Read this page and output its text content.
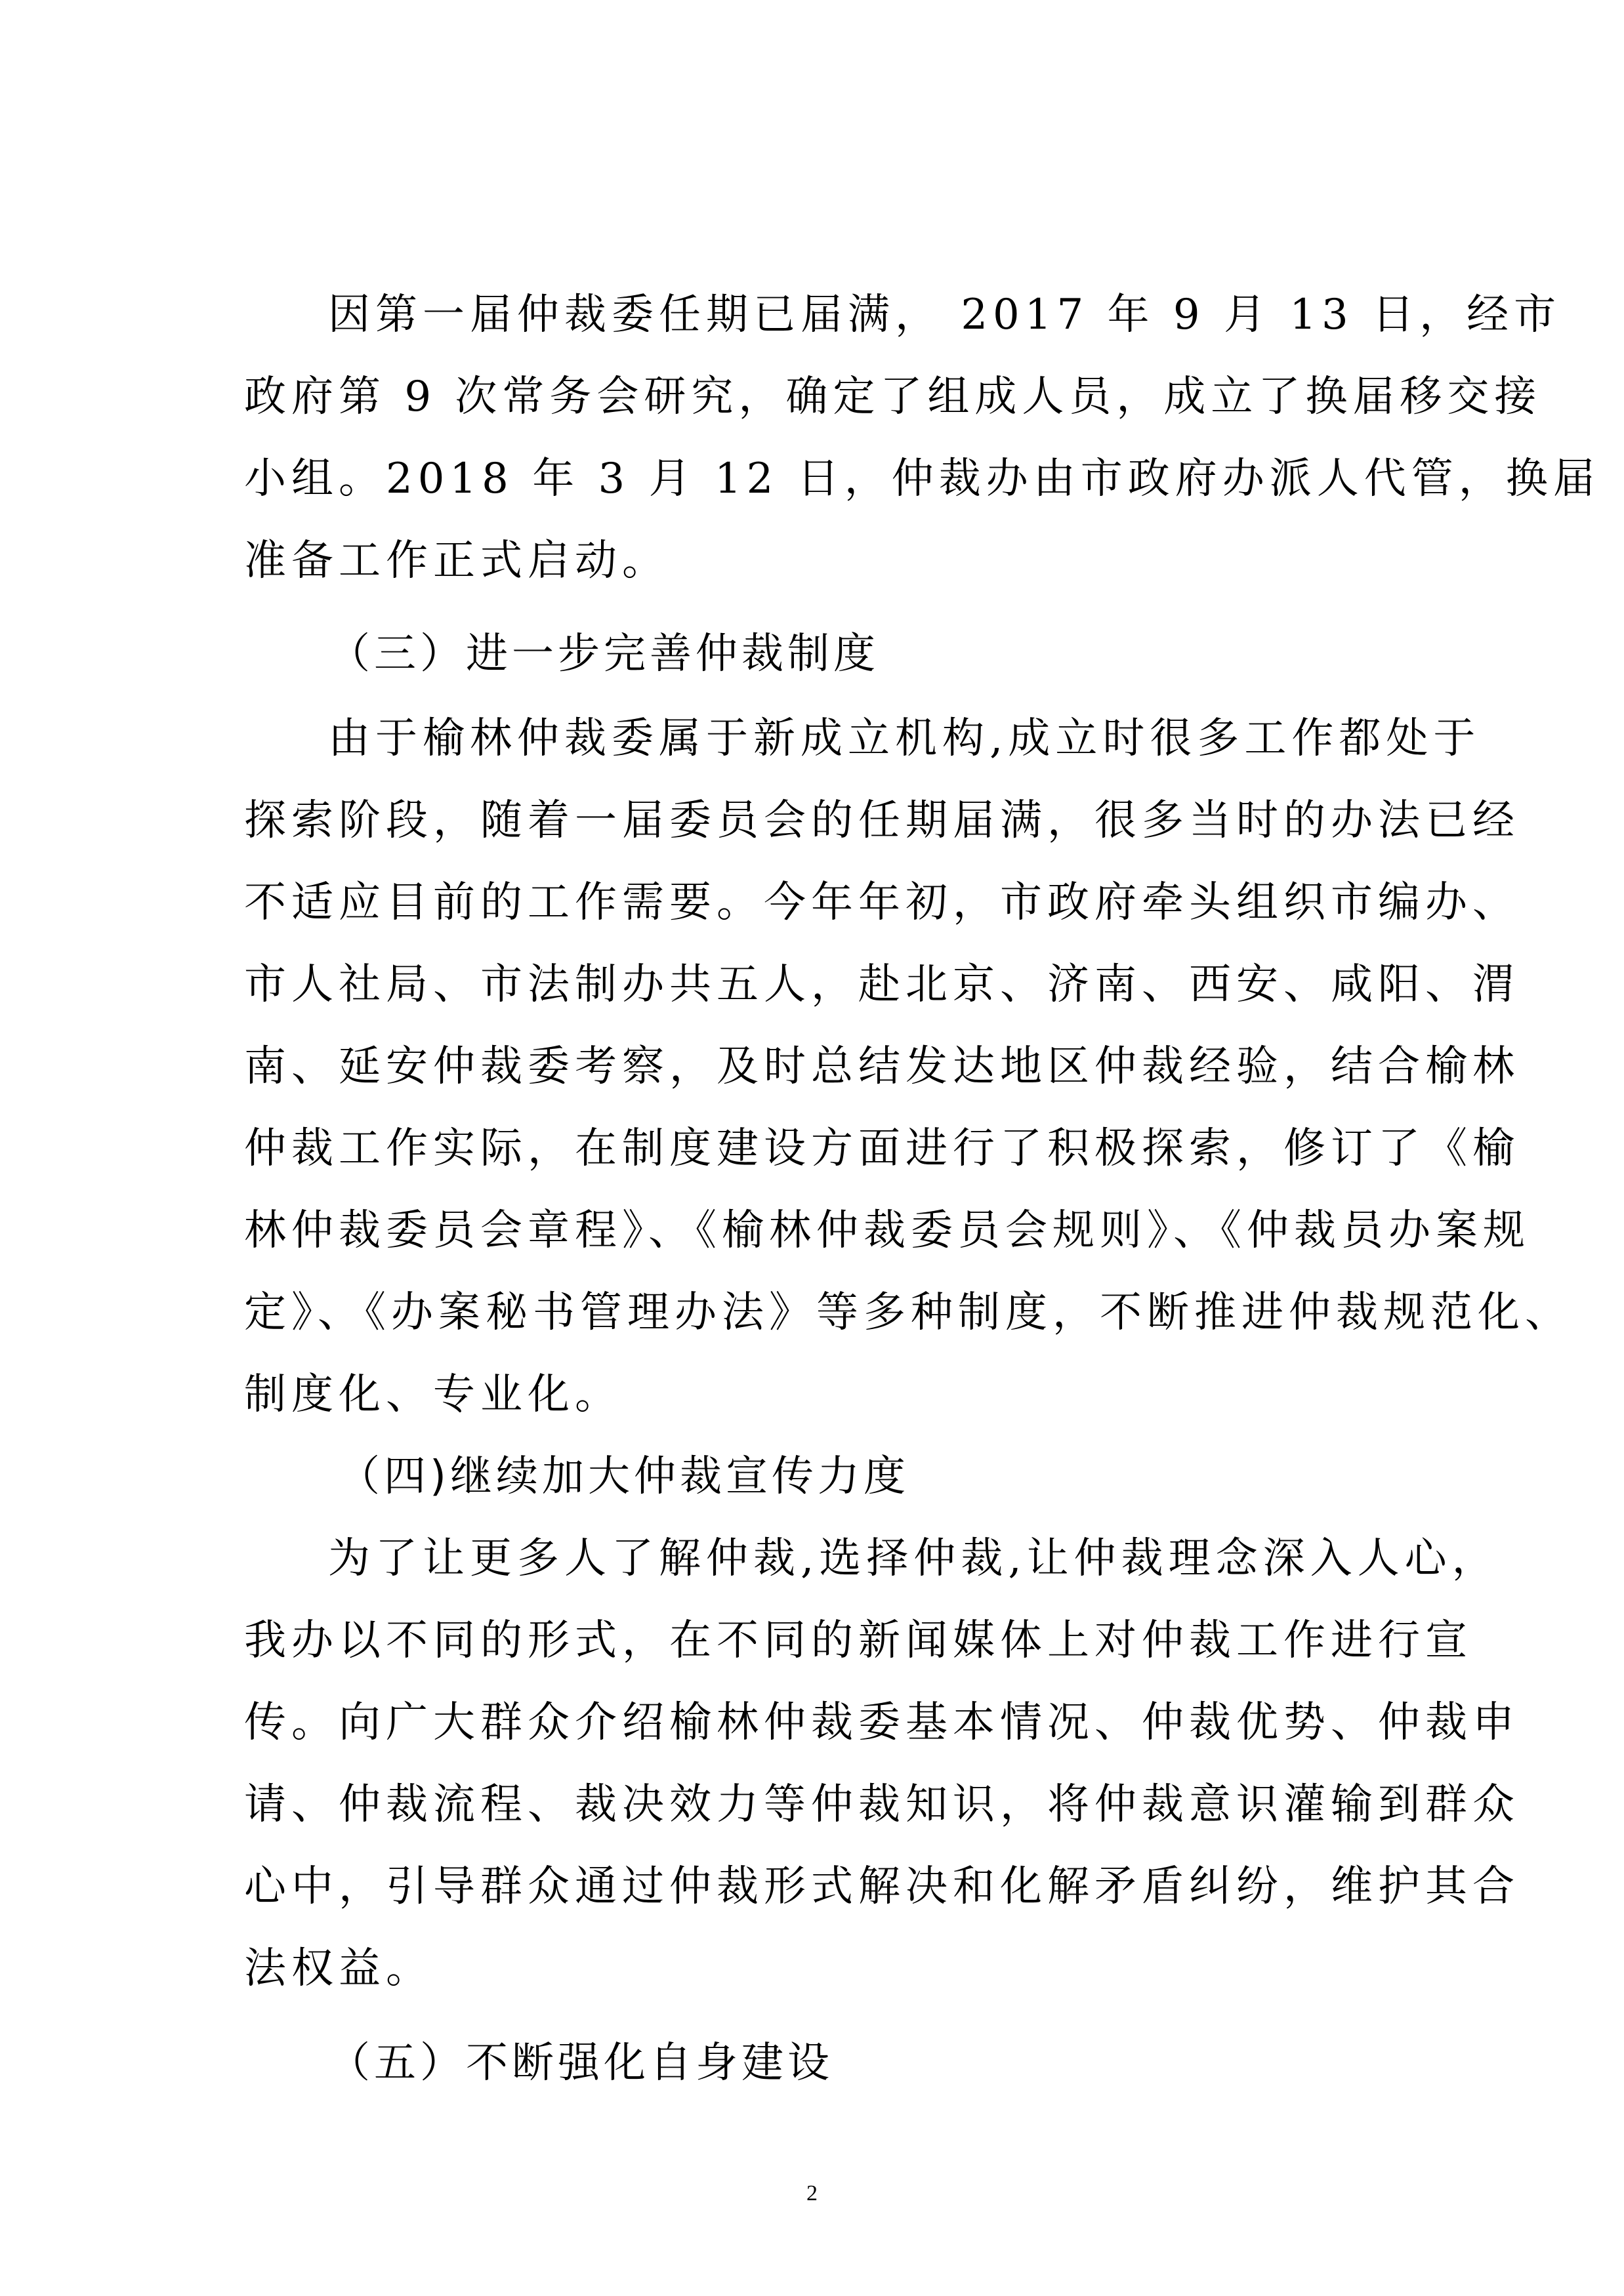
因第一届仲裁委任期已届满， 2017 年 9 月 13 日，经市
政府第 9 次常务会研究，确定了组成人员，成立了换届移交接
小组。2018 年 3 月 12 日，仲裁办由市政府办派人代管，换届
准备工作正式启动。
（三）进一步完善仲裁制度
由于榆林仲裁委属于新成立机构,成立时很多工作都处于
探索阶段，随着一届委员会的任期届满，很多当时的办法已经
不适应目前的工作需要。今年年初，市政府牵头组织市编办、
市人社局、市法制办共五人，赴北京、济南、西安、咸阳、渭
南、延安仲裁委考察，及时总结发达地区仲裁经验，结合榆林
仲裁工作实际，在制度建设方面进行了积极探索，修订了《榆
林仲裁委员会章程》、《榆林仲裁委员会规则》、《仲裁员办案规
定》、《办案秘书管理办法》等多种制度，不断推进仲裁规范化、
制度化、专业化。
（四)继续加大仲裁宣传力度
为了让更多人了解仲裁,选择仲裁,让仲裁理念深入人心，
我办以不同的形式，在不同的新闻媒体上对仲裁工作进行宣
传。向广大群众介绍榆林仲裁委基本情况、仲裁优势、仲裁申
请、仲裁流程、裁决效力等仲裁知识，将仲裁意识灌输到群众
心中，引导群众通过仲裁形式解决和化解矛盾纠纷，维护其合
法权益。
（五）不断强化自身建设
2
